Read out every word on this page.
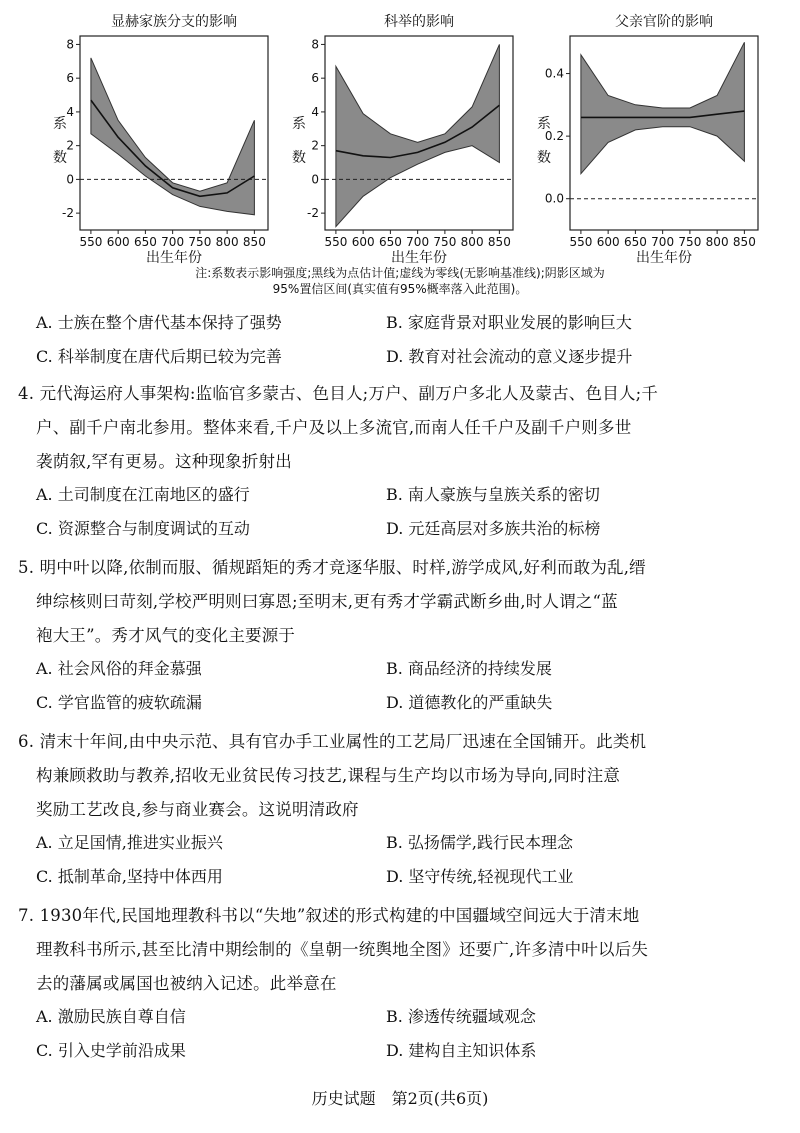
显赫家族分支的影响
-2
0
2
4
6
8
550 600 650 700 750 800 850
出生年份
系
数
科举的影响
-2
0
2
4
6
8
550 600 650 700 750 800 850
出生年份
系
数
父亲官阶的影响
0.0
0.2
0.4
550 600 650 700 750 800 850
出生年份
系
数
注:系数表示影响强度;黑线为点估计值;虚线为零线(无影响基准线);阴影区域为
95%置信区间(真实值有95%概率落入此范围)。
A. 士族在整个唐代基本保持了强势	B. 家庭背景对职业发展的影响巨大
C. 科举制度在唐代后期已较为完善	D. 教育对社会流动的意义逐步提升
4. 元代海运府人事架构:监临官多蒙古、色目人;万户、副万户多北人及蒙古、色目人;千
户、副千户南北参用。整体来看,千户及以上多流官,而南人任千户及副千户则多世
袭荫叙,罕有更易。这种现象折射出
A. 土司制度在江南地区的盛行	B. 南人豪族与皇族关系的密切
C. 资源整合与制度调试的互动	D. 元廷高层对多族共治的标榜
5. 明中叶以降,依制而服、循规蹈矩的秀才竞逐华服、时样,游学成风,好利而敢为乱,缙
绅综核则曰苛刻,学校严明则曰寡恩;至明末,更有秀才学霸武断乡曲,时人谓之“蓝
袍大王”。秀才风气的变化主要源于
A. 社会风俗的拜金慕强	B. 商品经济的持续发展
C. 学官监管的疲软疏漏	D. 道德教化的严重缺失
6. 清末十年间,由中央示范、具有官办手工业属性的工艺局厂迅速在全国铺开。此类机
构兼顾救助与教养,招收无业贫民传习技艺,课程与生产均以市场为导向,同时注意
奖励工艺改良,参与商业赛会。这说明清政府
A. 立足国情,推进实业振兴	B. 弘扬儒学,践行民本理念
C. 抵制革命,坚持中体西用	D. 坚守传统,轻视现代工业
7. 1930年代,民国地理教科书以“失地”叙述的形式构建的中国疆域空间远大于清末地
理教科书所示,甚至比清中期绘制的《皇朝一统舆地全图》还要广,许多清中叶以后失
去的藩属或属国也被纳入记述。此举意在
A. 激励民族自尊自信	B. 渗透传统疆域观念
C. 引入史学前沿成果	D. 建构自主知识体系
历史试题　第2页(共6页)
